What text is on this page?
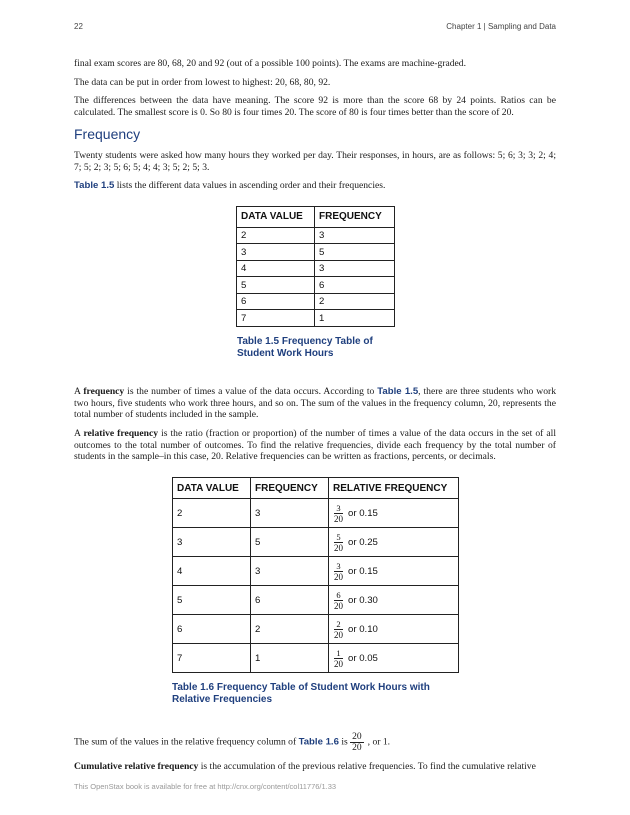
22	Chapter 1 | Sampling and Data

final exam scores are 80, 68, 20 and 92 (out of a possible 100 points). The exams are machine-graded.

The data can be put in order from lowest to highest: 20, 68, 80, 92.

The differences between the data have meaning. The score 92 is more than the score 68 by 24 points. Ratios can be calculated. The smallest score is 0. So 80 is four times 20. The score of 80 is four times better than the score of 20.

Frequency

Twenty students were asked how many hours they worked per day. Their responses, in hours, are as follows: 5; 6; 3; 3; 2; 4; 7; 5; 2; 3; 5; 6; 5; 4; 4; 3; 5; 2; 5; 3.

Table 1.5 lists the different data values in ascending order and their frequencies.

DATA VALUE	FREQUENCY
2	3
3	5
4	3
5	6
6	2
7	1
Table 1.5 Frequency Table of Student Work Hours

A frequency is the number of times a value of the data occurs. According to Table 1.5, there are three students who work two hours, five students who work three hours, and so on. The sum of the values in the frequency column, 20, represents the total number of students included in the sample.

A relative frequency is the ratio (fraction or proportion) of the number of times a value of the data occurs in the set of all outcomes to the total number of outcomes. To find the relative frequencies, divide each frequency by the total number of students in the sample–in this case, 20. Relative frequencies can be written as fractions, percents, or decimals.

DATA VALUE	FREQUENCY	RELATIVE FREQUENCY
2	3	$\frac{3}{20}$ or 0.15
3	5	$\frac{5}{20}$ or 0.25
4	3	$\frac{3}{20}$ or 0.15
5	6	$\frac{6}{20}$ or 0.30
6	2	$\frac{2}{20}$ or 0.10
7	1	$\frac{1}{20}$ or 0.05
Table 1.6 Frequency Table of Student Work Hours with Relative Frequencies

The sum of the values in the relative frequency column of Table 1.6 is $\frac{20}{20}$ , or 1.

Cumulative relative frequency is the accumulation of the previous relative frequencies. To find the cumulative relative

This OpenStax book is available for free at http://cnx.org/content/col11776/1.33
